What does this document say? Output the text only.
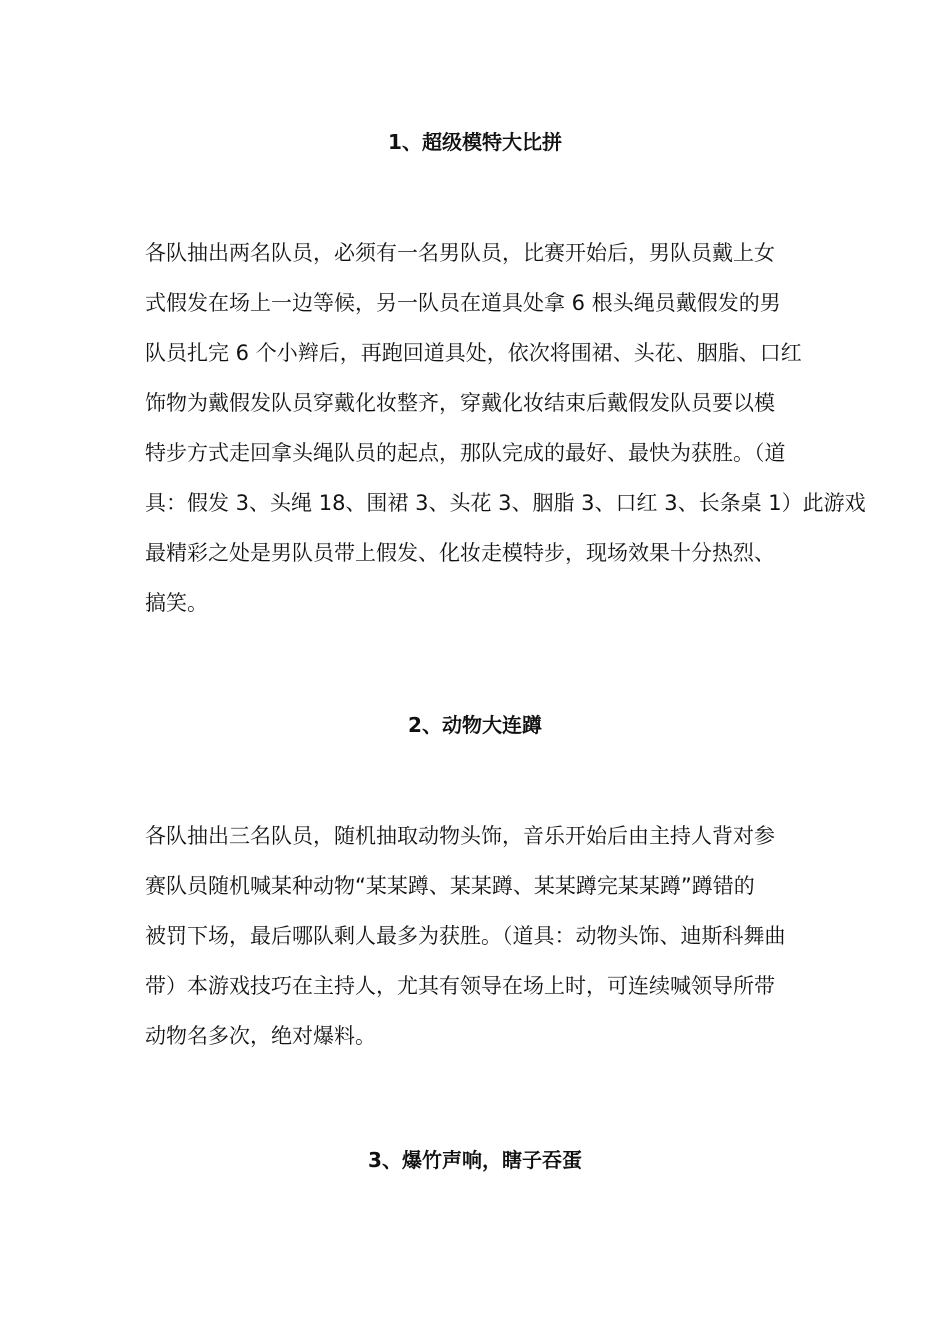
1、超级模特大比拼
各队抽出两名队员，必须有一名男队员，比赛开始后，男队员戴上女
式假发在场上一边等候，另一队员在道具处拿 6 根头绳员戴假发的男
队员扎完 6 个小辫后，再跑回道具处，依次将围裙、头花、胭脂、口红
饰物为戴假发队员穿戴化妆整齐，穿戴化妆结束后戴假发队员要以模
特步方式走回拿头绳队员的起点，那队完成的最好、最快为获胜。（道
具：假发 3、头绳 18、围裙 3、头花 3、胭脂 3、口红 3、长条桌 1）此游戏
最精彩之处是男队员带上假发、化妆走模特步，现场效果十分热烈、
搞笑。
2、动物大连蹲
各队抽出三名队员，随机抽取动物头饰，音乐开始后由主持人背对参
赛队员随机喊某种动物“某某蹲、某某蹲、某某蹲完某某蹲”蹲错的
被罚下场，最后哪队剩人最多为获胜。（道具：动物头饰、迪斯科舞曲
带）本游戏技巧在主持人，尤其有领导在场上时，可连续喊领导所带
动物名多次，绝对爆料。
3、爆竹声响，瞎子吞蛋
